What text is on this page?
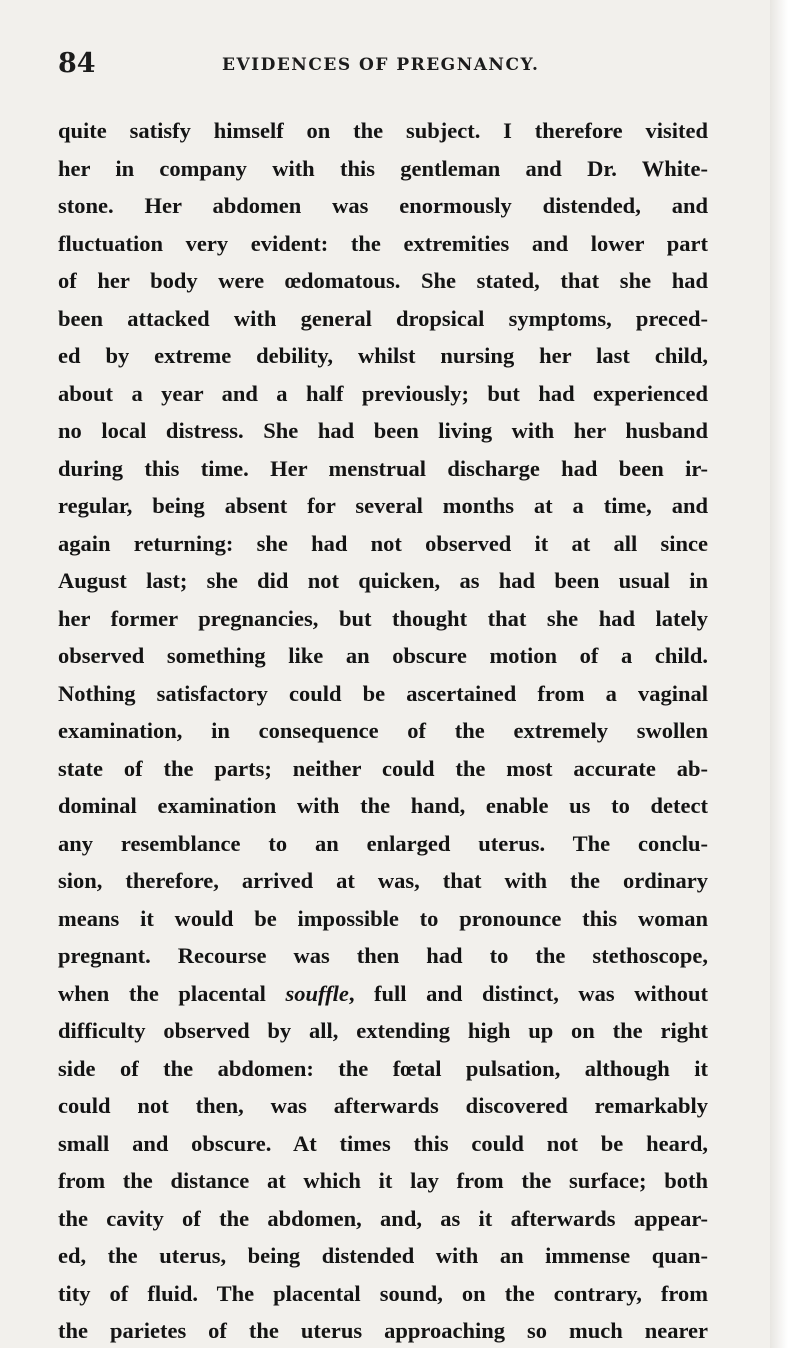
84	EVIDENCES OF PREGNANCY.
quite satisfy himself on the subject. I therefore visited
her in company with this gentleman and Dr. White-
stone. Her abdomen was enormously distended, and
fluctuation very evident: the extremities and lower part
of her body were œdomatous. She stated, that she had
been attacked with general dropsical symptoms, preced-
ed by extreme debility, whilst nursing her last child,
about a year and a half previously; but had experienced
no local distress. She had been living with her husband
during this time. Her menstrual discharge had been ir-
regular, being absent for several months at a time, and
again returning: she had not observed it at all since
August last; she did not quicken, as had been usual in
her former pregnancies, but thought that she had lately
observed something like an obscure motion of a child.
Nothing satisfactory could be ascertained from a vaginal
examination, in consequence of the extremely swollen
state of the parts; neither could the most accurate ab-
dominal examination with the hand, enable us to detect
any resemblance to an enlarged uterus. The conclu-
sion, therefore, arrived at was, that with the ordinary
means it would be impossible to pronounce this woman
pregnant. Recourse was then had to the stethoscope,
when the placental souffle, full and distinct, was without
difficulty observed by all, extending high up on the right
side of the abdomen: the fœtal pulsation, although it
could not then, was afterwards discovered remarkably
small and obscure. At times this could not be heard,
from the distance at which it lay from the surface; both
the cavity of the abdomen, and, as it afterwards appear-
ed, the uterus, being distended with an immense quan-
tity of fluid. The placental sound, on the contrary, from
the parietes of the uterus approaching so much nearer
